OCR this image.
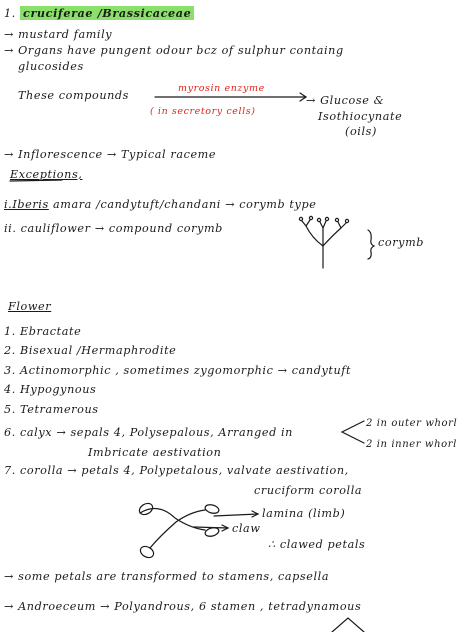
1. cruciferae /Brassicaceae
→ mustard family
→ Organs have pungent odour bcz of sulphur containg
glucosides
These compounds
myrosin enzyme
( in secretory cells)
→ Glucose &
Isothiocynate
(oils)
→ Inflorescence → Typical raceme
Exceptions,
i.Iberis amara /candytuft/chandani → corymb type
ii. cauliflower → compound corymb
corymb
Flower
1. Ebractate
2. Bisexual /Hermaphrodite
3. Actinomorphic , sometimes zygomorphic → candytuft
4. Hypogynous
5. Tetramerous
6. calyx → sepals 4, Polysepalous, Arranged in
2 in outer whorl
2 in inner whorl
Imbricate aestivation
7. corolla → petals 4, Polypetalous, valvate aestivation,
cruciform corolla
lamina (limb)
claw
∴ clawed petals
→ some petals are transformed to stamens, capsella
→ Androeceum → Polyandrous, 6 stamen , tetradynamous
